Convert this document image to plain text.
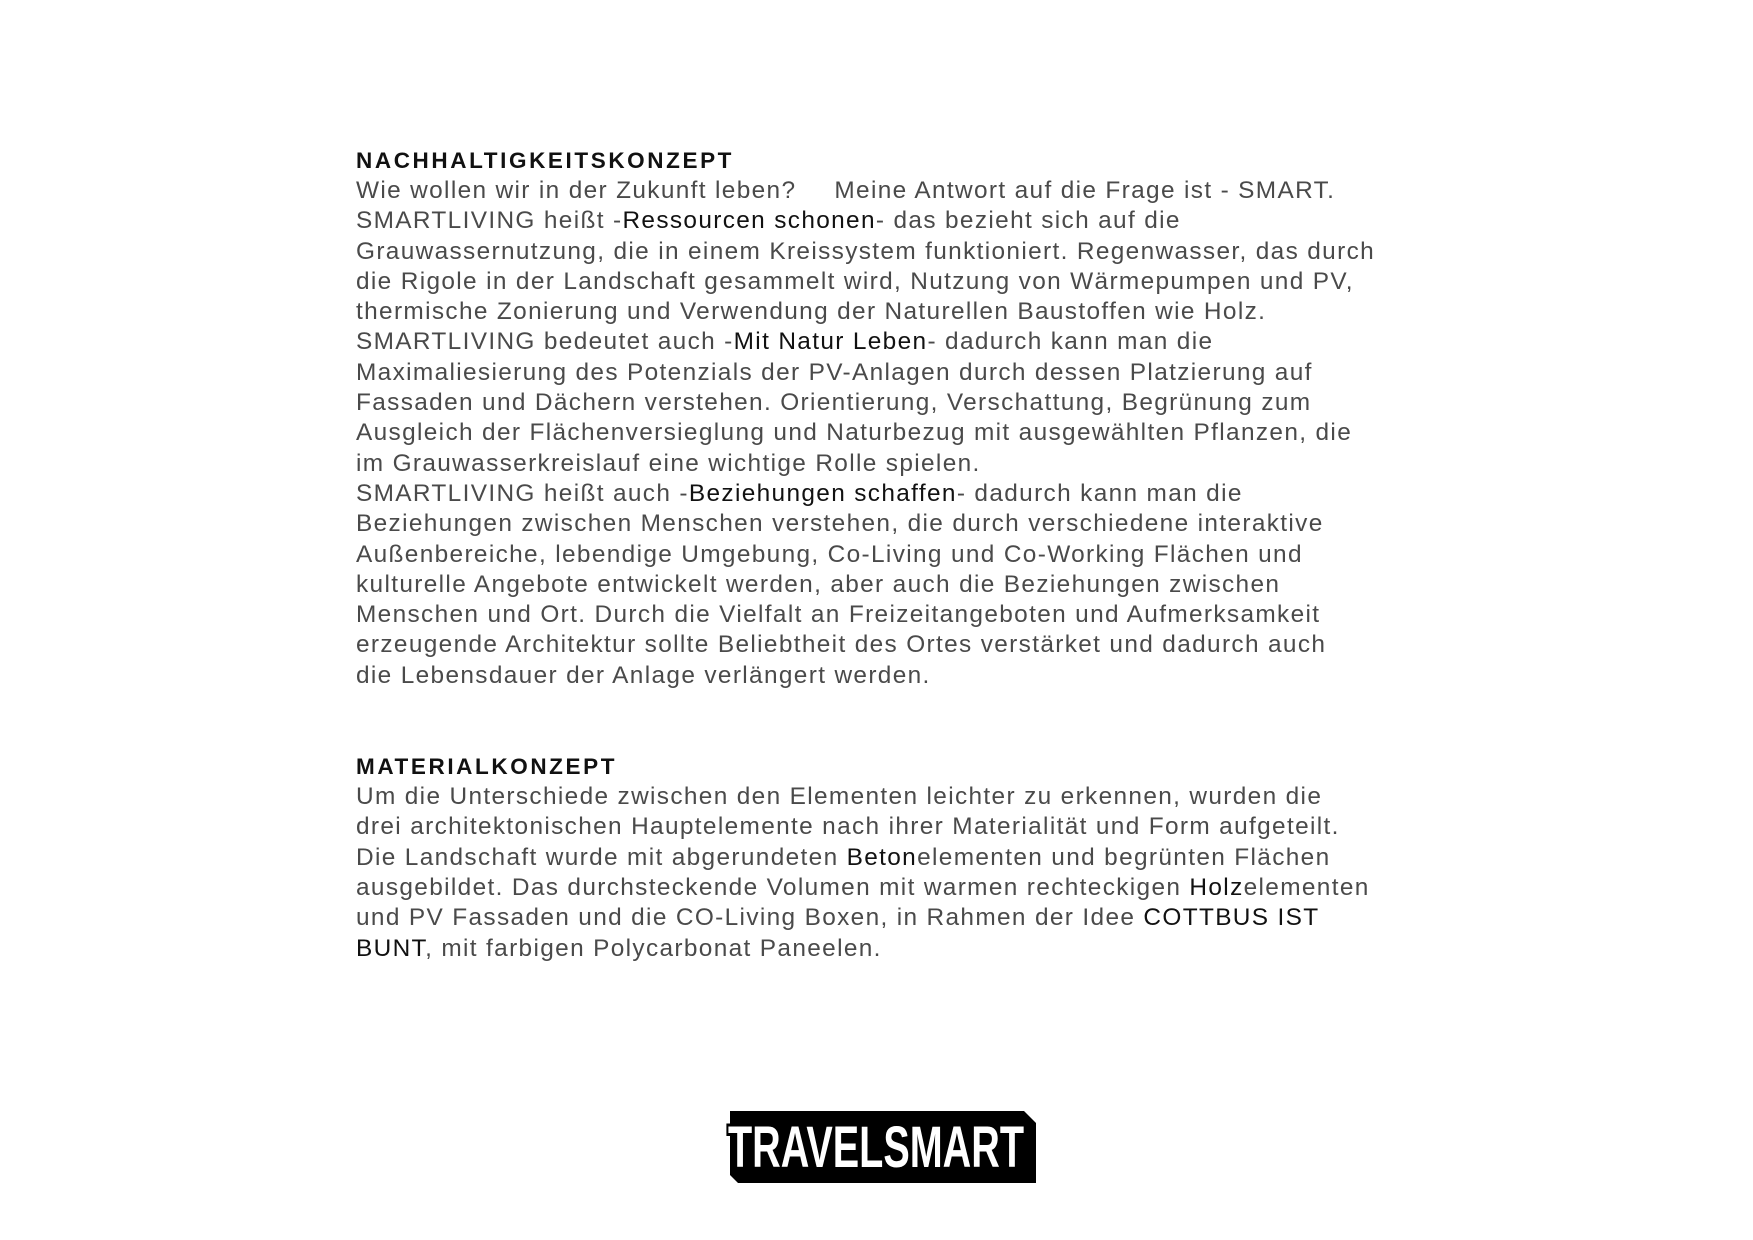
NACHHALTIGKEITSKONZEPT
Wie wollen wir in der Zukunft leben? Meine Antwort auf die Frage ist - SMART.
SMARTLIVING heißt -Ressourcen schonen- das bezieht sich auf die
Grauwassernutzung, die in einem Kreissystem funktioniert. Regenwasser, das durch
die Rigole in der Landschaft gesammelt wird, Nutzung von Wärmepumpen und PV,
thermische Zonierung und Verwendung der Naturellen Baustoffen wie Holz.
SMARTLIVING bedeutet auch -Mit Natur Leben- dadurch kann man die
Maximaliesierung des Potenzials der PV-Anlagen durch dessen Platzierung auf
Fassaden und Dächern verstehen. Orientierung, Verschattung, Begrünung zum
Ausgleich der Flächenversieglung und Naturbezug mit ausgewählten Pflanzen, die
im Grauwasserkreislauf eine wichtige Rolle spielen.
SMARTLIVING heißt auch -Beziehungen schaffen- dadurch kann man die
Beziehungen zwischen Menschen verstehen, die durch verschiedene interaktive
Außenbereiche, lebendige Umgebung, Co-Living und Co-Working Flächen und
kulturelle Angebote entwickelt werden, aber auch die Beziehungen zwischen
Menschen und Ort. Durch die Vielfalt an Freizeitangeboten und Aufmerksamkeit
erzeugende Architektur sollte Beliebtheit des Ortes verstärket und dadurch auch
die Lebensdauer der Anlage verlängert werden.
MATERIALKONZEPT
Um die Unterschiede zwischen den Elementen leichter zu erkennen, wurden die
drei architektonischen Hauptelemente nach ihrer Materialität und Form aufgeteilt.
Die Landschaft wurde mit abgerundeten Betonelementen und begrünten Flächen
ausgebildet. Das durchsteckende Volumen mit warmen rechteckigen Holzelementen
und PV Fassaden und die CO-Living Boxen, in Rahmen der Idee COTTBUS IST
BUNT, mit farbigen Polycarbonat Paneelen.
TRAVELSMART
TRAVELSMART
